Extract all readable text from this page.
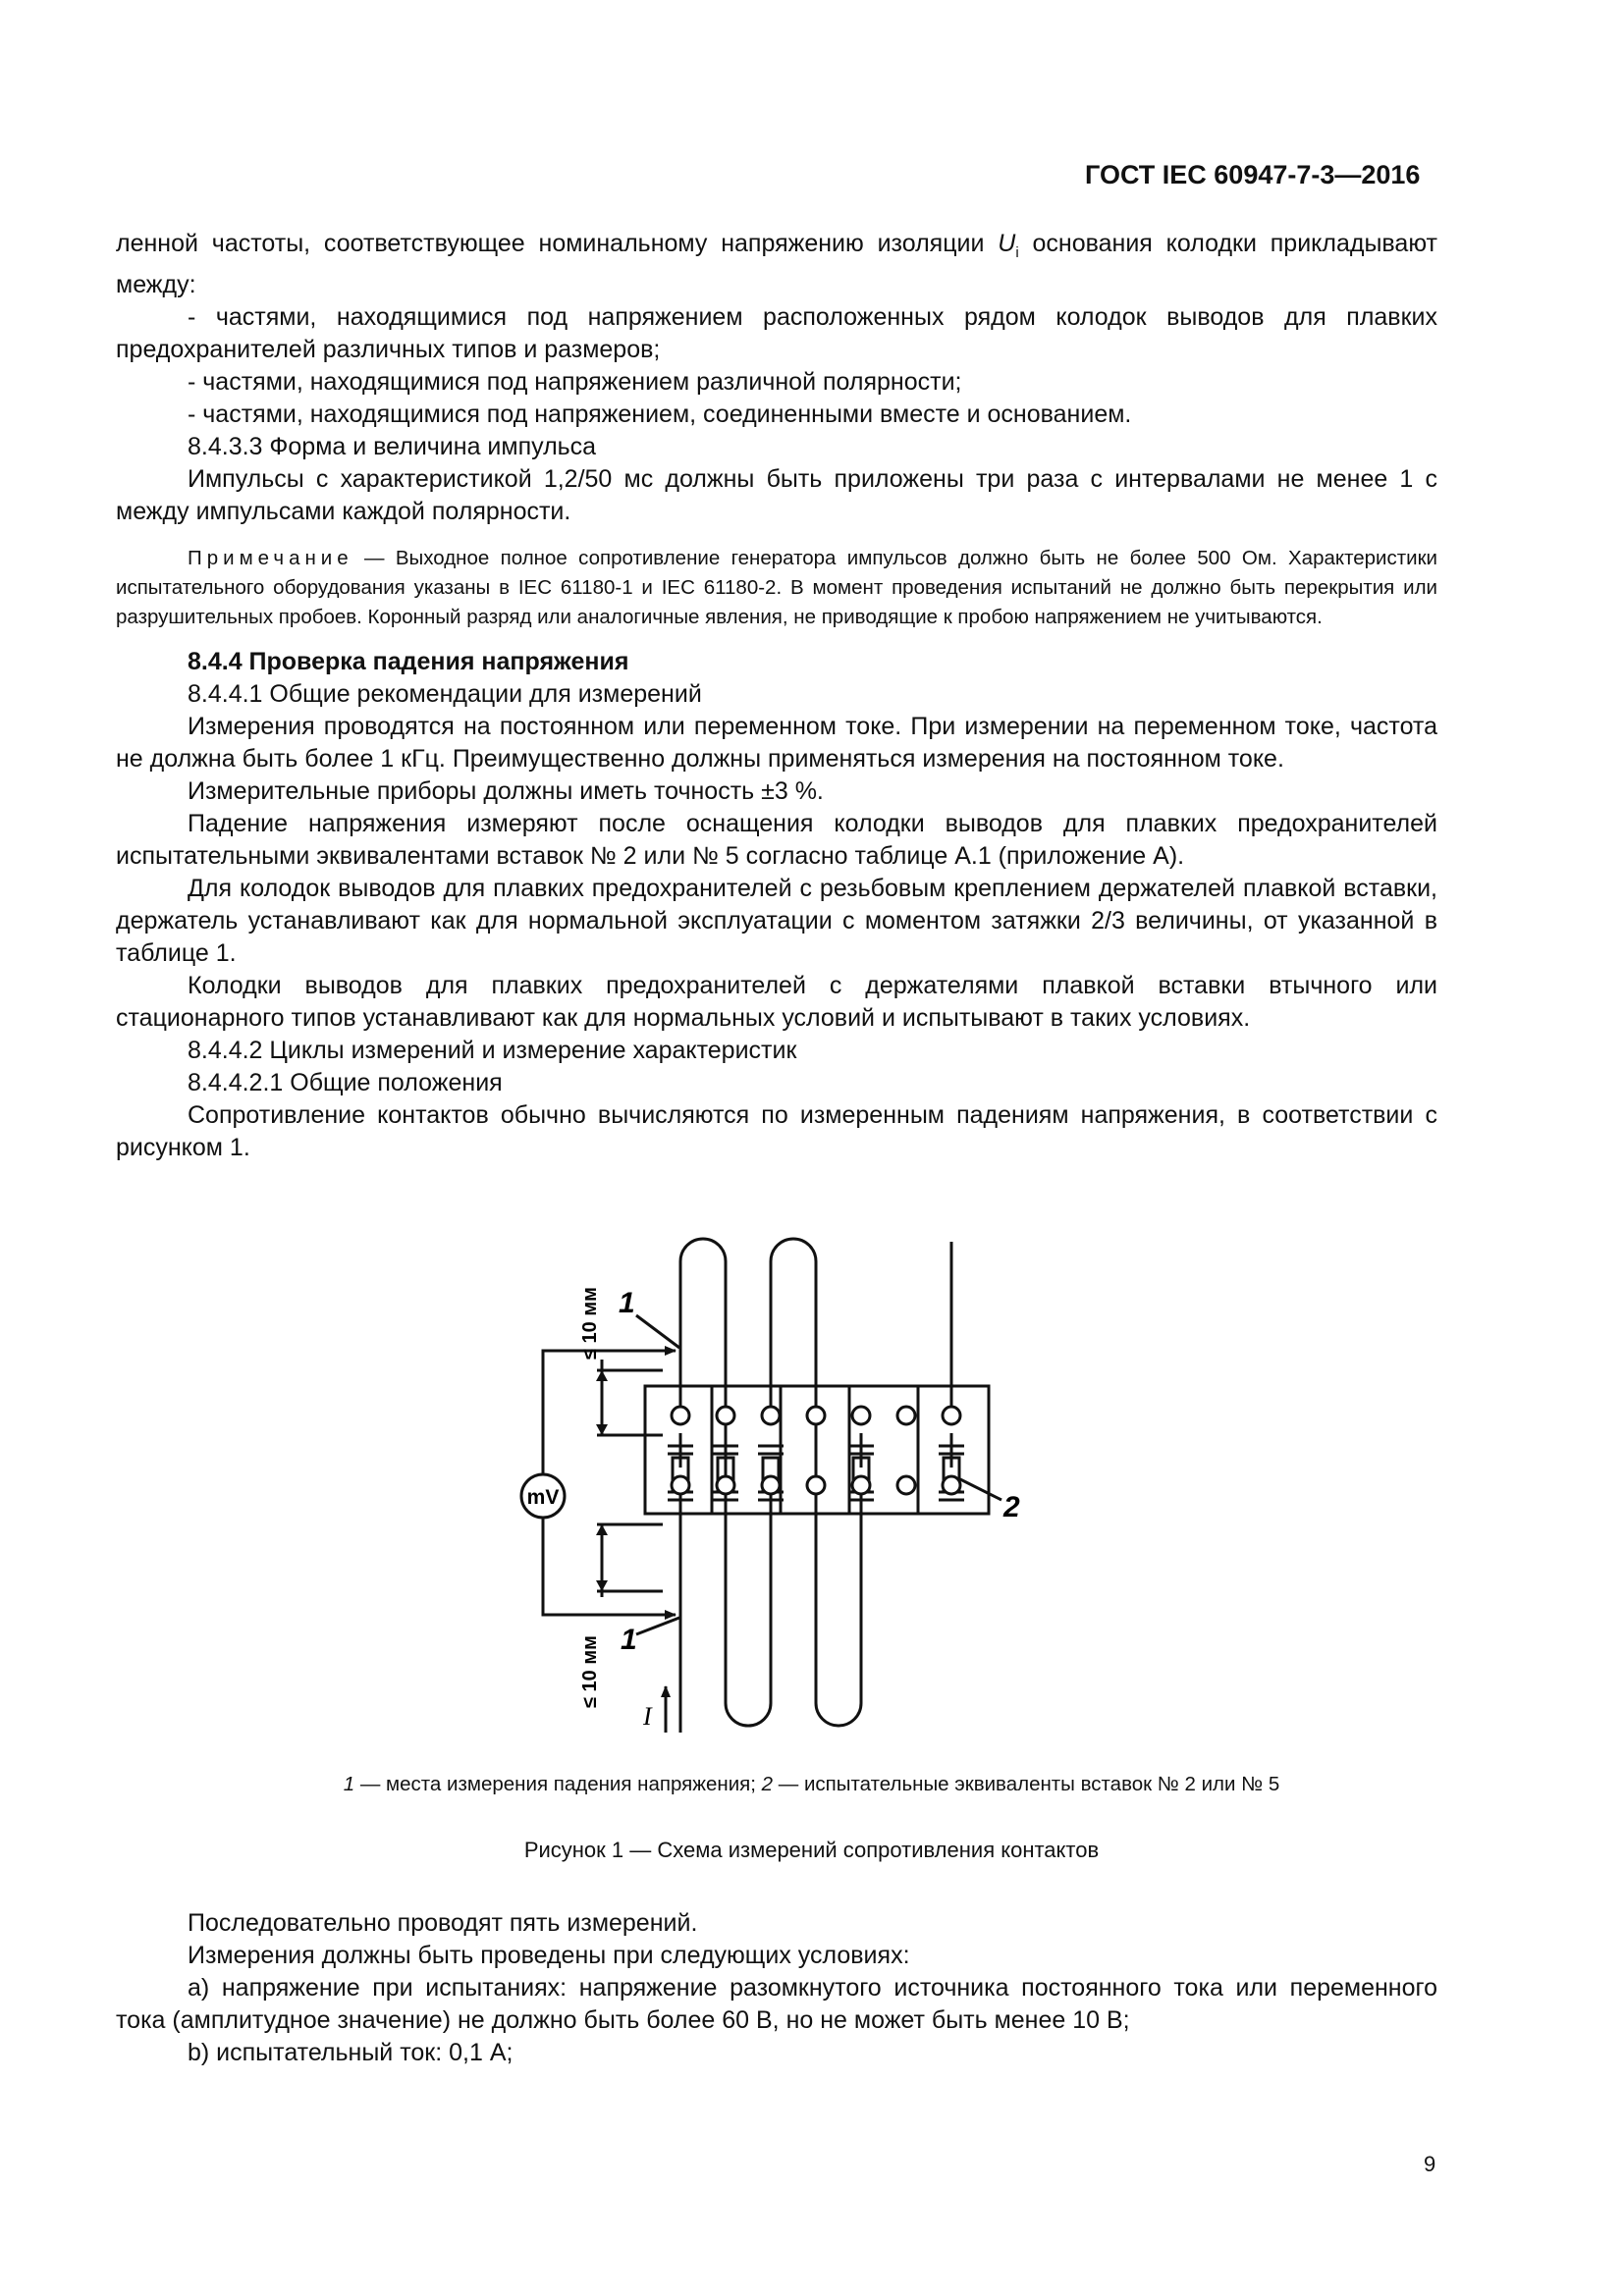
ГОСТ IEC 60947-7-3—2016

ленной частоты, соответствующее номинальному напряжению изоляции $U_i$ основания колодки прикладывают между:

- частями, находящимися под напряжением расположенных рядом колодок выводов для плавких предохранителей различных типов и размеров;

- частями, находящимися под напряжением различной полярности;

- частями, находящимися под напряжением, соединенными вместе и основанием.

8.4.3.3 Форма и величина импульса

Импульсы с характеристикой 1,2/50 мс должны быть приложены три раза с интервалами не менее 1 с между импульсами каждой полярности.

Примечание — Выходное полное сопротивление генератора импульсов должно быть не более 500 Ом. Характеристики испытательного оборудования указаны в IEC 61180-1 и IEC 61180-2. В момент проведения испытаний не должно быть перекрытия или разрушительных пробоев. Коронный разряд или аналогичные явления, не приводящие к пробою напряжением не учитываются.

8.4.4 Проверка падения напряжения

8.4.4.1 Общие рекомендации для измерений

Измерения проводятся на постоянном или переменном токе. При измерении на переменном токе, частота не должна быть более 1 кГц. Преимущественно должны применяться измерения на постоянном токе.

Измерительные приборы должны иметь точность ±3 %.

Падение напряжения измеряют после оснащения колодки выводов для плавких предохранителей испытательными эквивалентами вставок № 2 или № 5 согласно таблице А.1 (приложение А).

Для колодок выводов для плавких предохранителей с резьбовым креплением держателей плавкой вставки, держатель устанавливают как для нормальной эксплуатации с моментом затяжки 2/3 величины, от указанной в таблице 1.

Колодки выводов для плавких предохранителей с держателями плавкой вставки втычного или стационарного типов устанавливают как для нормальных условий и испытывают в таких условиях.

8.4.4.2 Циклы измерений и измерение характеристик

8.4.4.2.1 Общие положения

Сопротивление контактов обычно вычисляются по измеренным падениям напряжения, в соответствии с рисунком 1.

mV
≤ 10 мм
≤ 10 мм
1
1
2
I
1 — места измерения падения напряжения; 2 — испытательные эквиваленты вставок № 2 или № 5
Рисунок 1 — Схема измерений сопротивления контактов

Последовательно проводят пять измерений.

Измерения должны быть проведены при следующих условиях:

a) напряжение при испытаниях: напряжение разомкнутого источника постоянного тока или переменного тока (амплитудное значение) не должно быть более 60 В, но не может быть менее 10 В;

b) испытательный ток: 0,1 А;

9
